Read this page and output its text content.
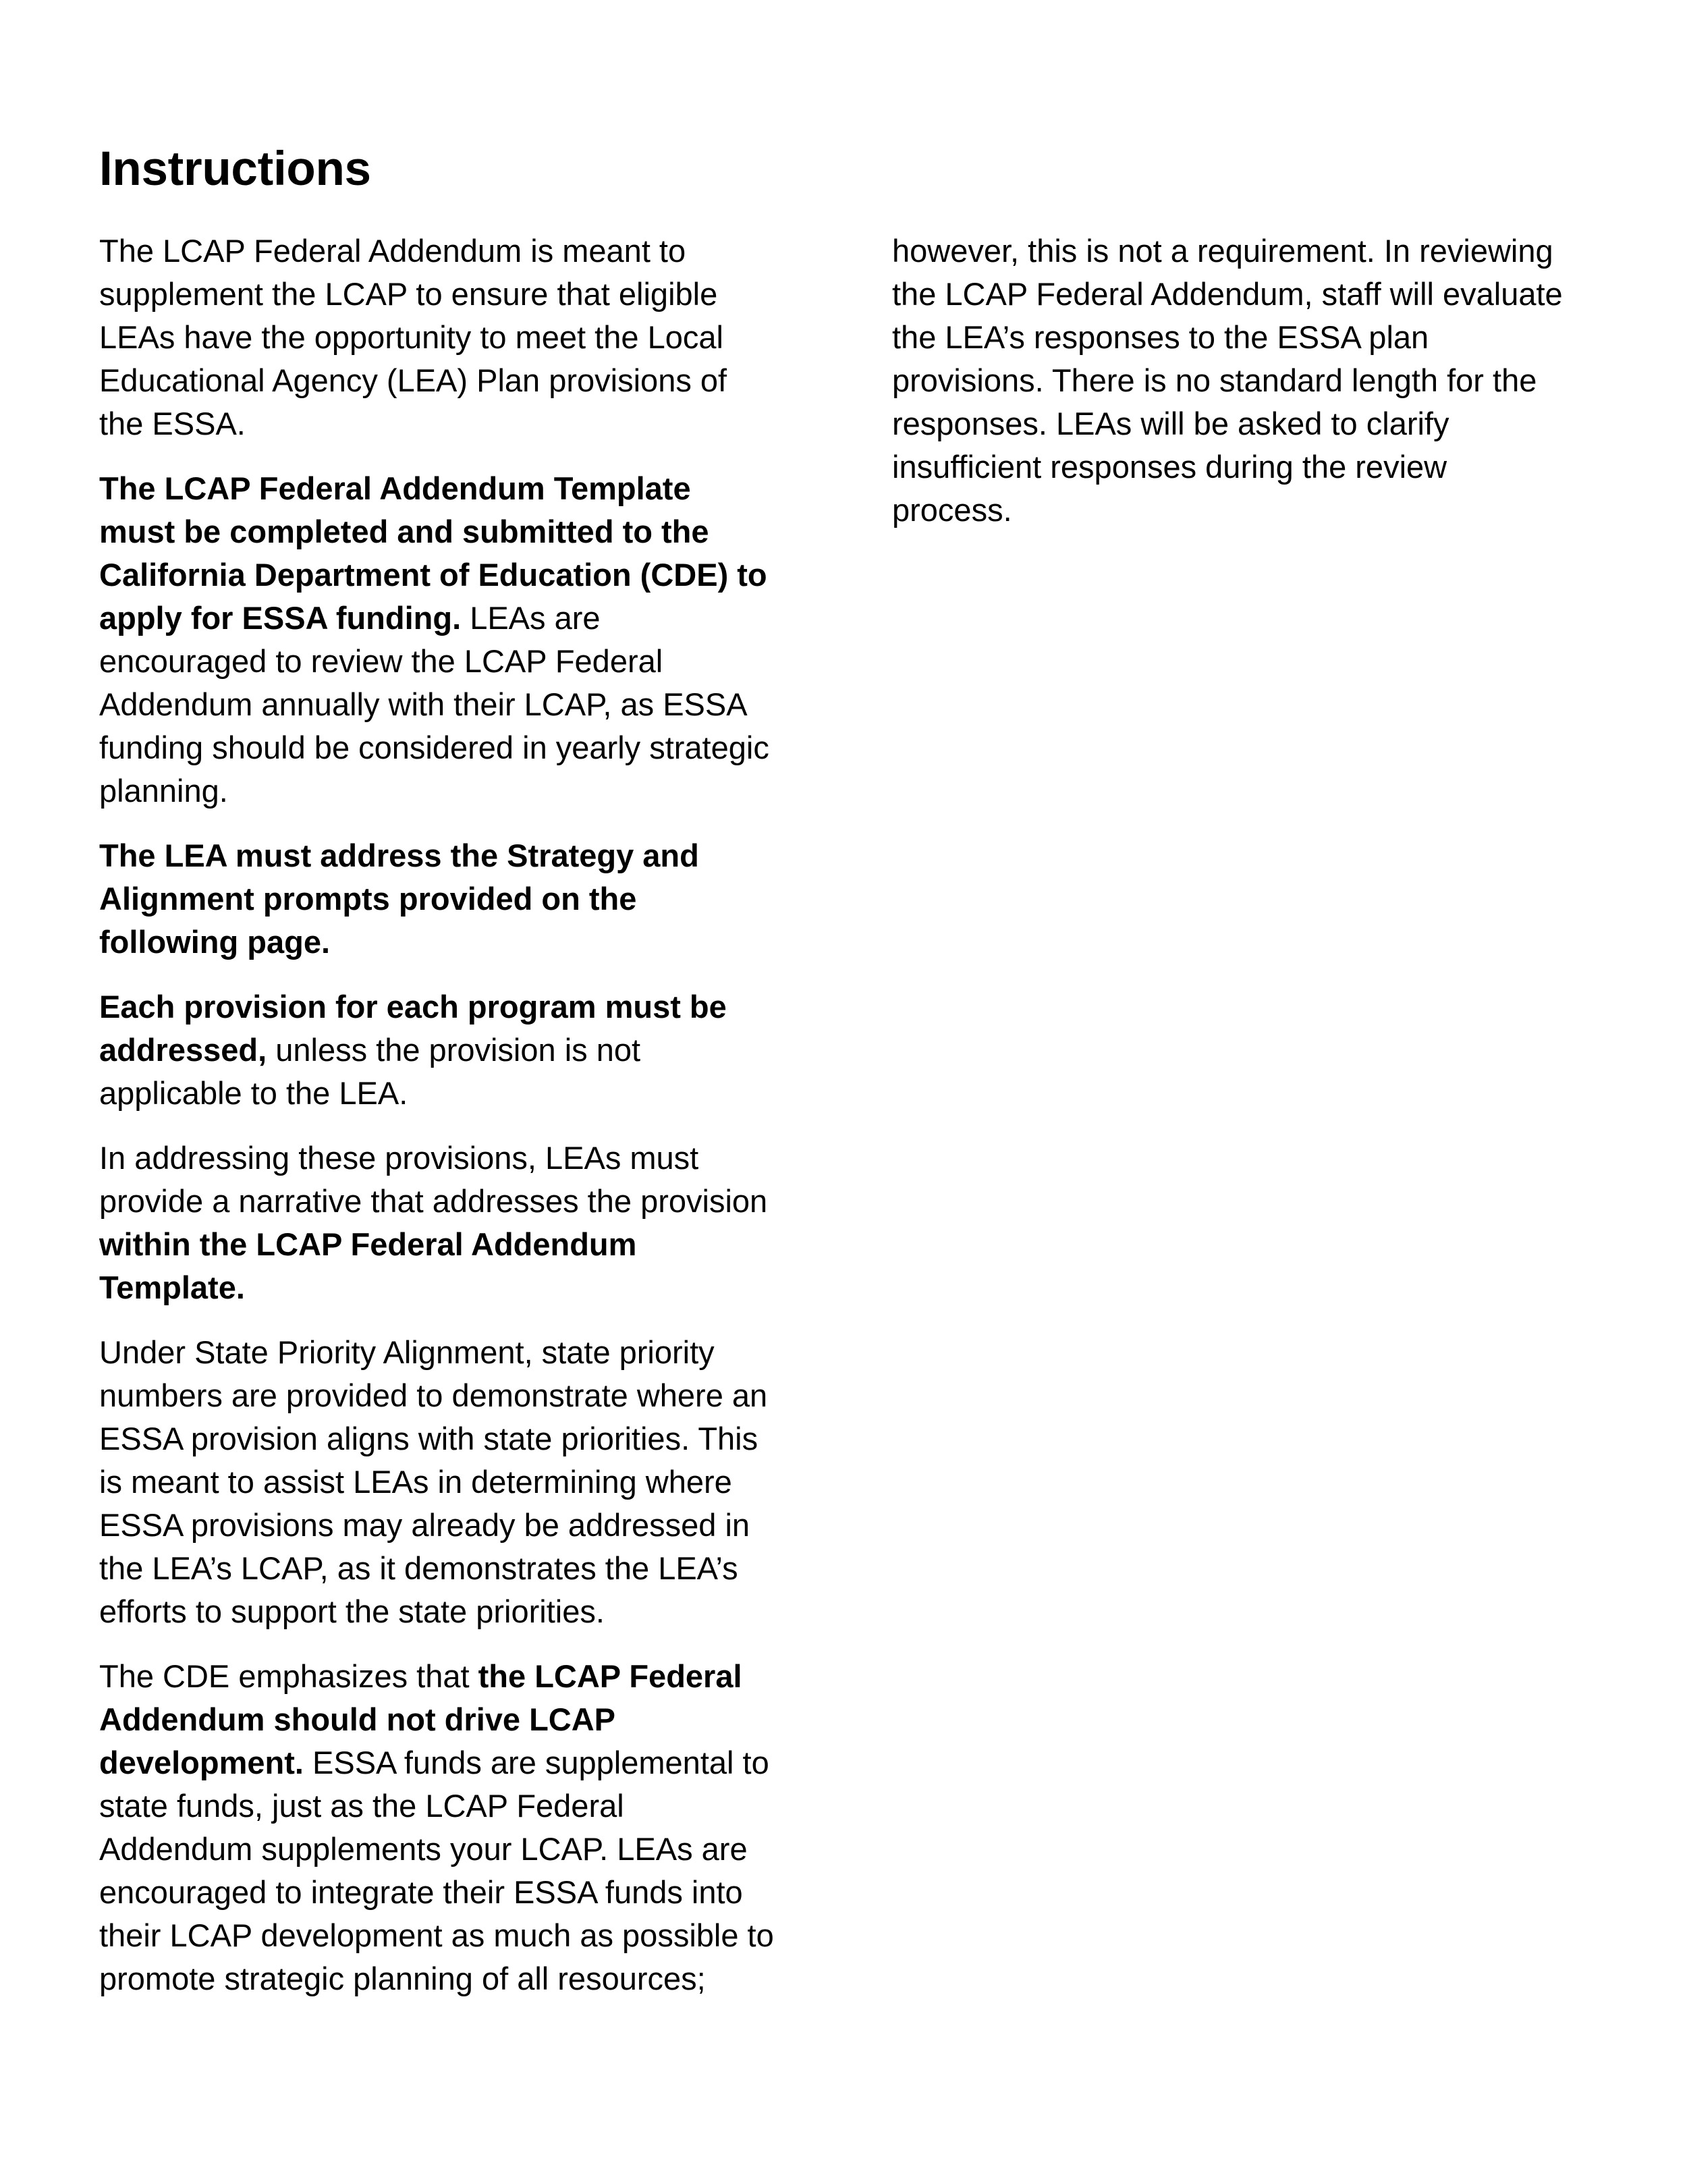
Instructions

The LCAP Federal Addendum is meant to supplement the LCAP to ensure that eligible LEAs have the opportunity to meet the Local Educational Agency (LEA) Plan provisions of the ESSA.

The LCAP Federal Addendum Template must be completed and submitted to the California Department of Education (CDE) to apply for ESSA funding. LEAs are encouraged to review the LCAP Federal Addendum annually with their LCAP, as ESSA funding should be considered in yearly strategic planning.

The LEA must address the Strategy and Alignment prompts provided on the following page.

Each provision for each program must be addressed, unless the provision is not applicable to the LEA.

In addressing these provisions, LEAs must provide a narrative that addresses the provision within the LCAP Federal Addendum Template.

Under State Priority Alignment, state priority numbers are provided to demonstrate where an ESSA provision aligns with state priorities. This is meant to assist LEAs in determining where ESSA provisions may already be addressed in the LEA’s LCAP, as it demonstrates the LEA’s efforts to support the state priorities.

The CDE emphasizes that the LCAP Federal Addendum should not drive LCAP development. ESSA funds are supplemental to state funds, just as the LCAP Federal Addendum supplements your LCAP. LEAs are encouraged to integrate their ESSA funds into their LCAP development as much as possible to promote strategic planning of all resources;

however, this is not a requirement. In reviewing the LCAP Federal Addendum, staff will evaluate the LEA’s responses to the ESSA plan provisions. There is no standard length for the responses. LEAs will be asked to clarify insufficient responses during the review process.
